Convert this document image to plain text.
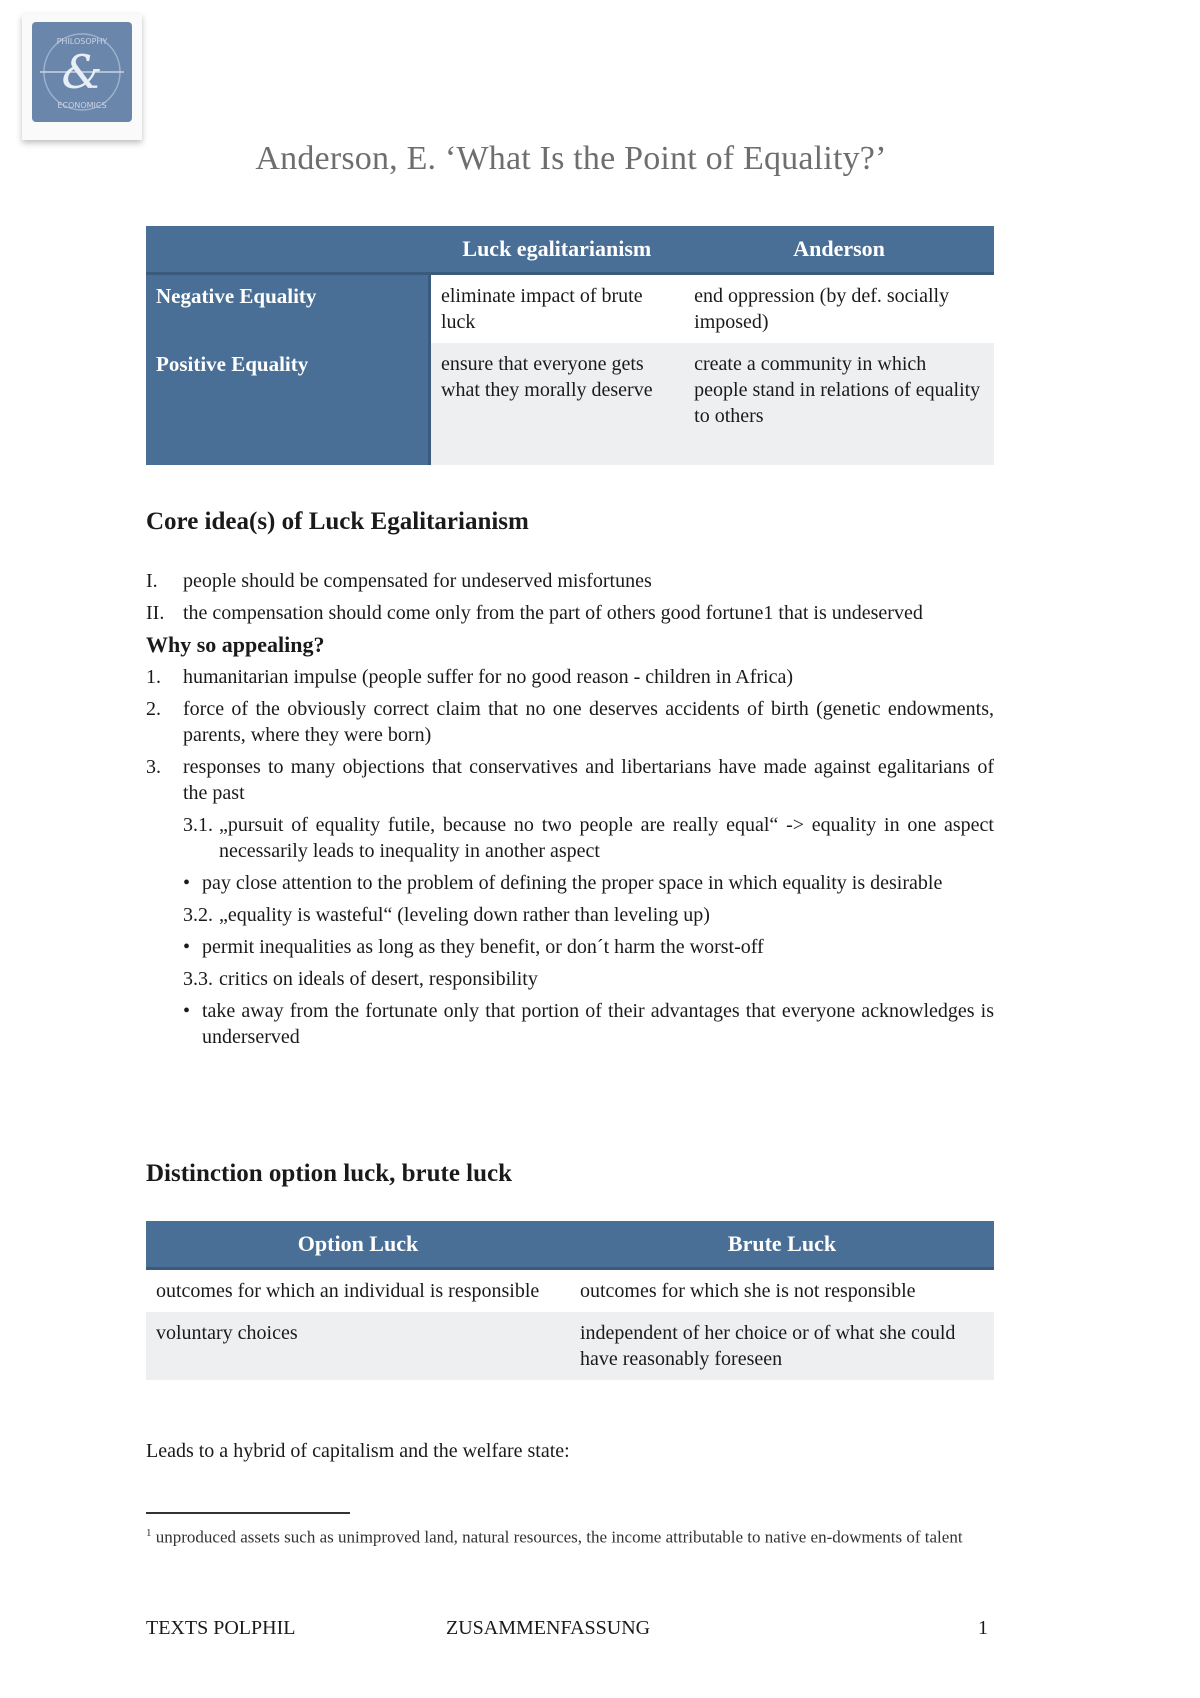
&
PHILOSOPHY
ECONOMICS
Anderson, E. ‘What Is the Point of Equality?’
	Luck egalitarianism	Anderson
Negative Equality	eliminate impact of brute luck	end oppression (by def. socially imposed)
Positive Equality	ensure that everyone gets what they morally deserve	create a community in which people stand in relations of equality to others
Core idea(s) of Luck Egalitarianism
I. people should be compensated for undeserved misfortunes
II. the compensation should come only from the part of others good fortune1 that is undeserved
Why so appealing?
1. humanitarian impulse (people suffer for no good reason - children in Africa)
2. force of the obviously correct claim that no one deserves accidents of birth (genetic endowments, parents, where they were born)
3. responses to many objections that conservatives and libertarians have made against egalitarians of the past
3.1. „pursuit of equality futile, because no two people are really equal“ -> equality in one aspect necessarily leads to inequality in another aspect
• pay close attention to the problem of defining the proper space in which equality is desirable
3.2. „equality is wasteful“ (leveling down rather than leveling up)
• permit inequalities as long as they benefit, or don´t harm the worst-off
3.3. critics on ideals of desert, responsibility
• take away from the fortunate only that portion of their advantages that everyone acknowledges is underserved
Distinction option luck, brute luck
Option Luck	Brute Luck
outcomes for which an individual is responsible	outcomes for which she is not responsible
voluntary choices	independent of her choice or of what she could have reasonably foreseen
Leads to a hybrid of capitalism and the welfare state:
$^1$ unproduced assets such as unimproved land, natural resources, the income attributable to native en-dowments of talent
TEXTS POLPHIL	ZUSAMMENFASSUNG	1
